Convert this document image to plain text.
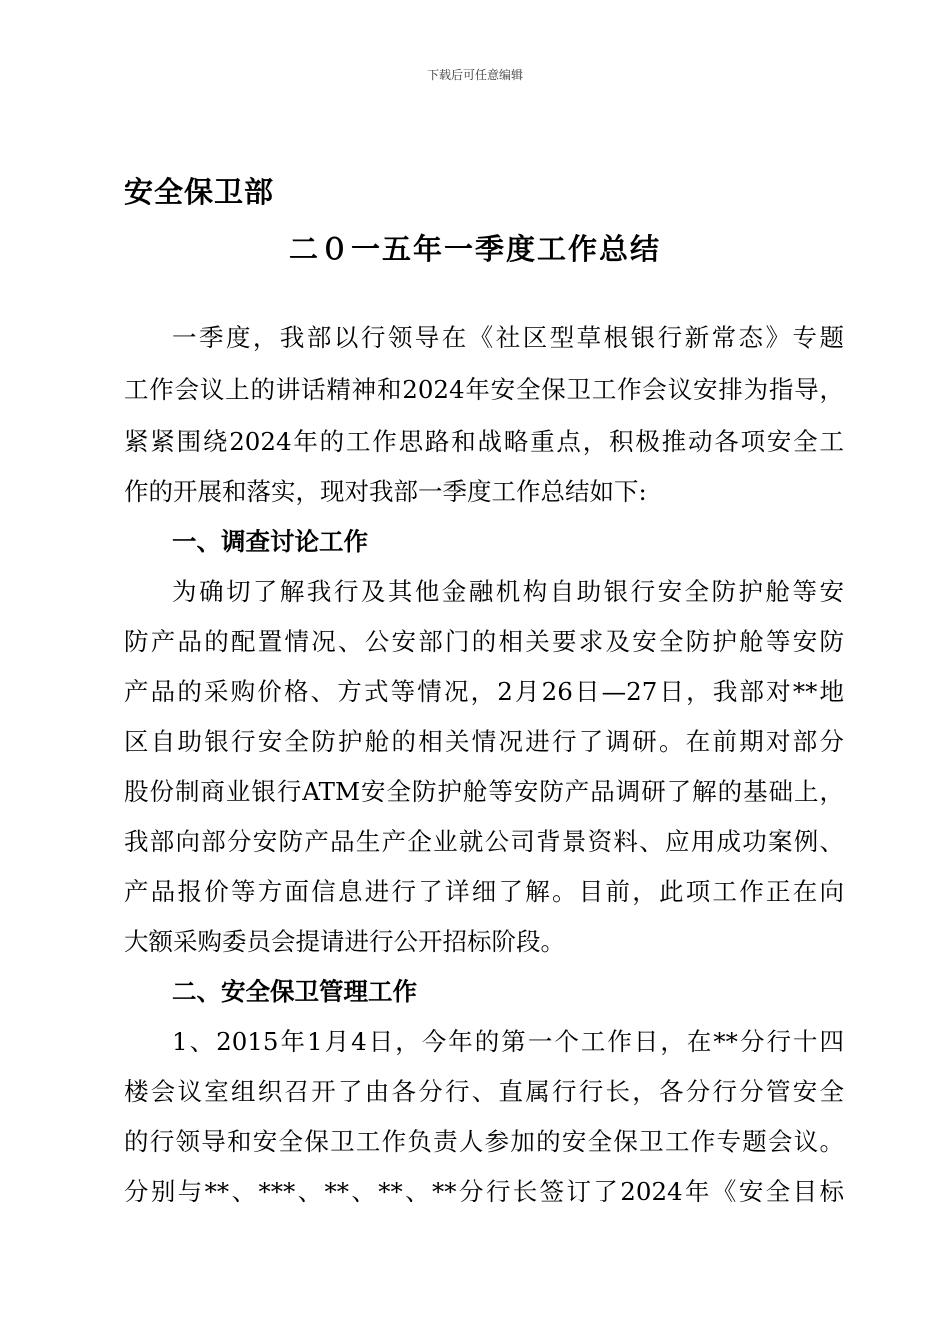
下载后可任意编辑
安全保卫部
二０一五年一季度工作总结
一季度，我部以行领导在《社区型草根银行新常态》专题
工作会议上的讲话精神和2024年安全保卫工作会议安排为指导，
紧紧围绕2024年的工作思路和战略重点，积极推动各项安全工
作的开展和落实，现对我部一季度工作总结如下:
一、调查讨论工作
为确切了解我行及其他金融机构自助银行安全防护舱等安
防产品的配置情况、公安部门的相关要求及安全防护舱等安防
产品的采购价格、方式等情况，2月26日—27日，我部对**地
区自助银行安全防护舱的相关情况进行了调研。在前期对部分
股份制商业银行ATM安全防护舱等安防产品调研了解的基础上，
我部向部分安防产品生产企业就公司背景资料、应用成功案例、
产品报价等方面信息进行了详细了解。目前，此项工作正在向
大额采购委员会提请进行公开招标阶段。
二、安全保卫管理工作
1、2015年1月4日，今年的第一个工作日，在**分行十四
楼会议室组织召开了由各分行、直属行行长，各分行分管安全
的行领导和安全保卫工作负责人参加的安全保卫工作专题会议。
分别与**、***、**、**、**分行长签订了2024年《安全目标
